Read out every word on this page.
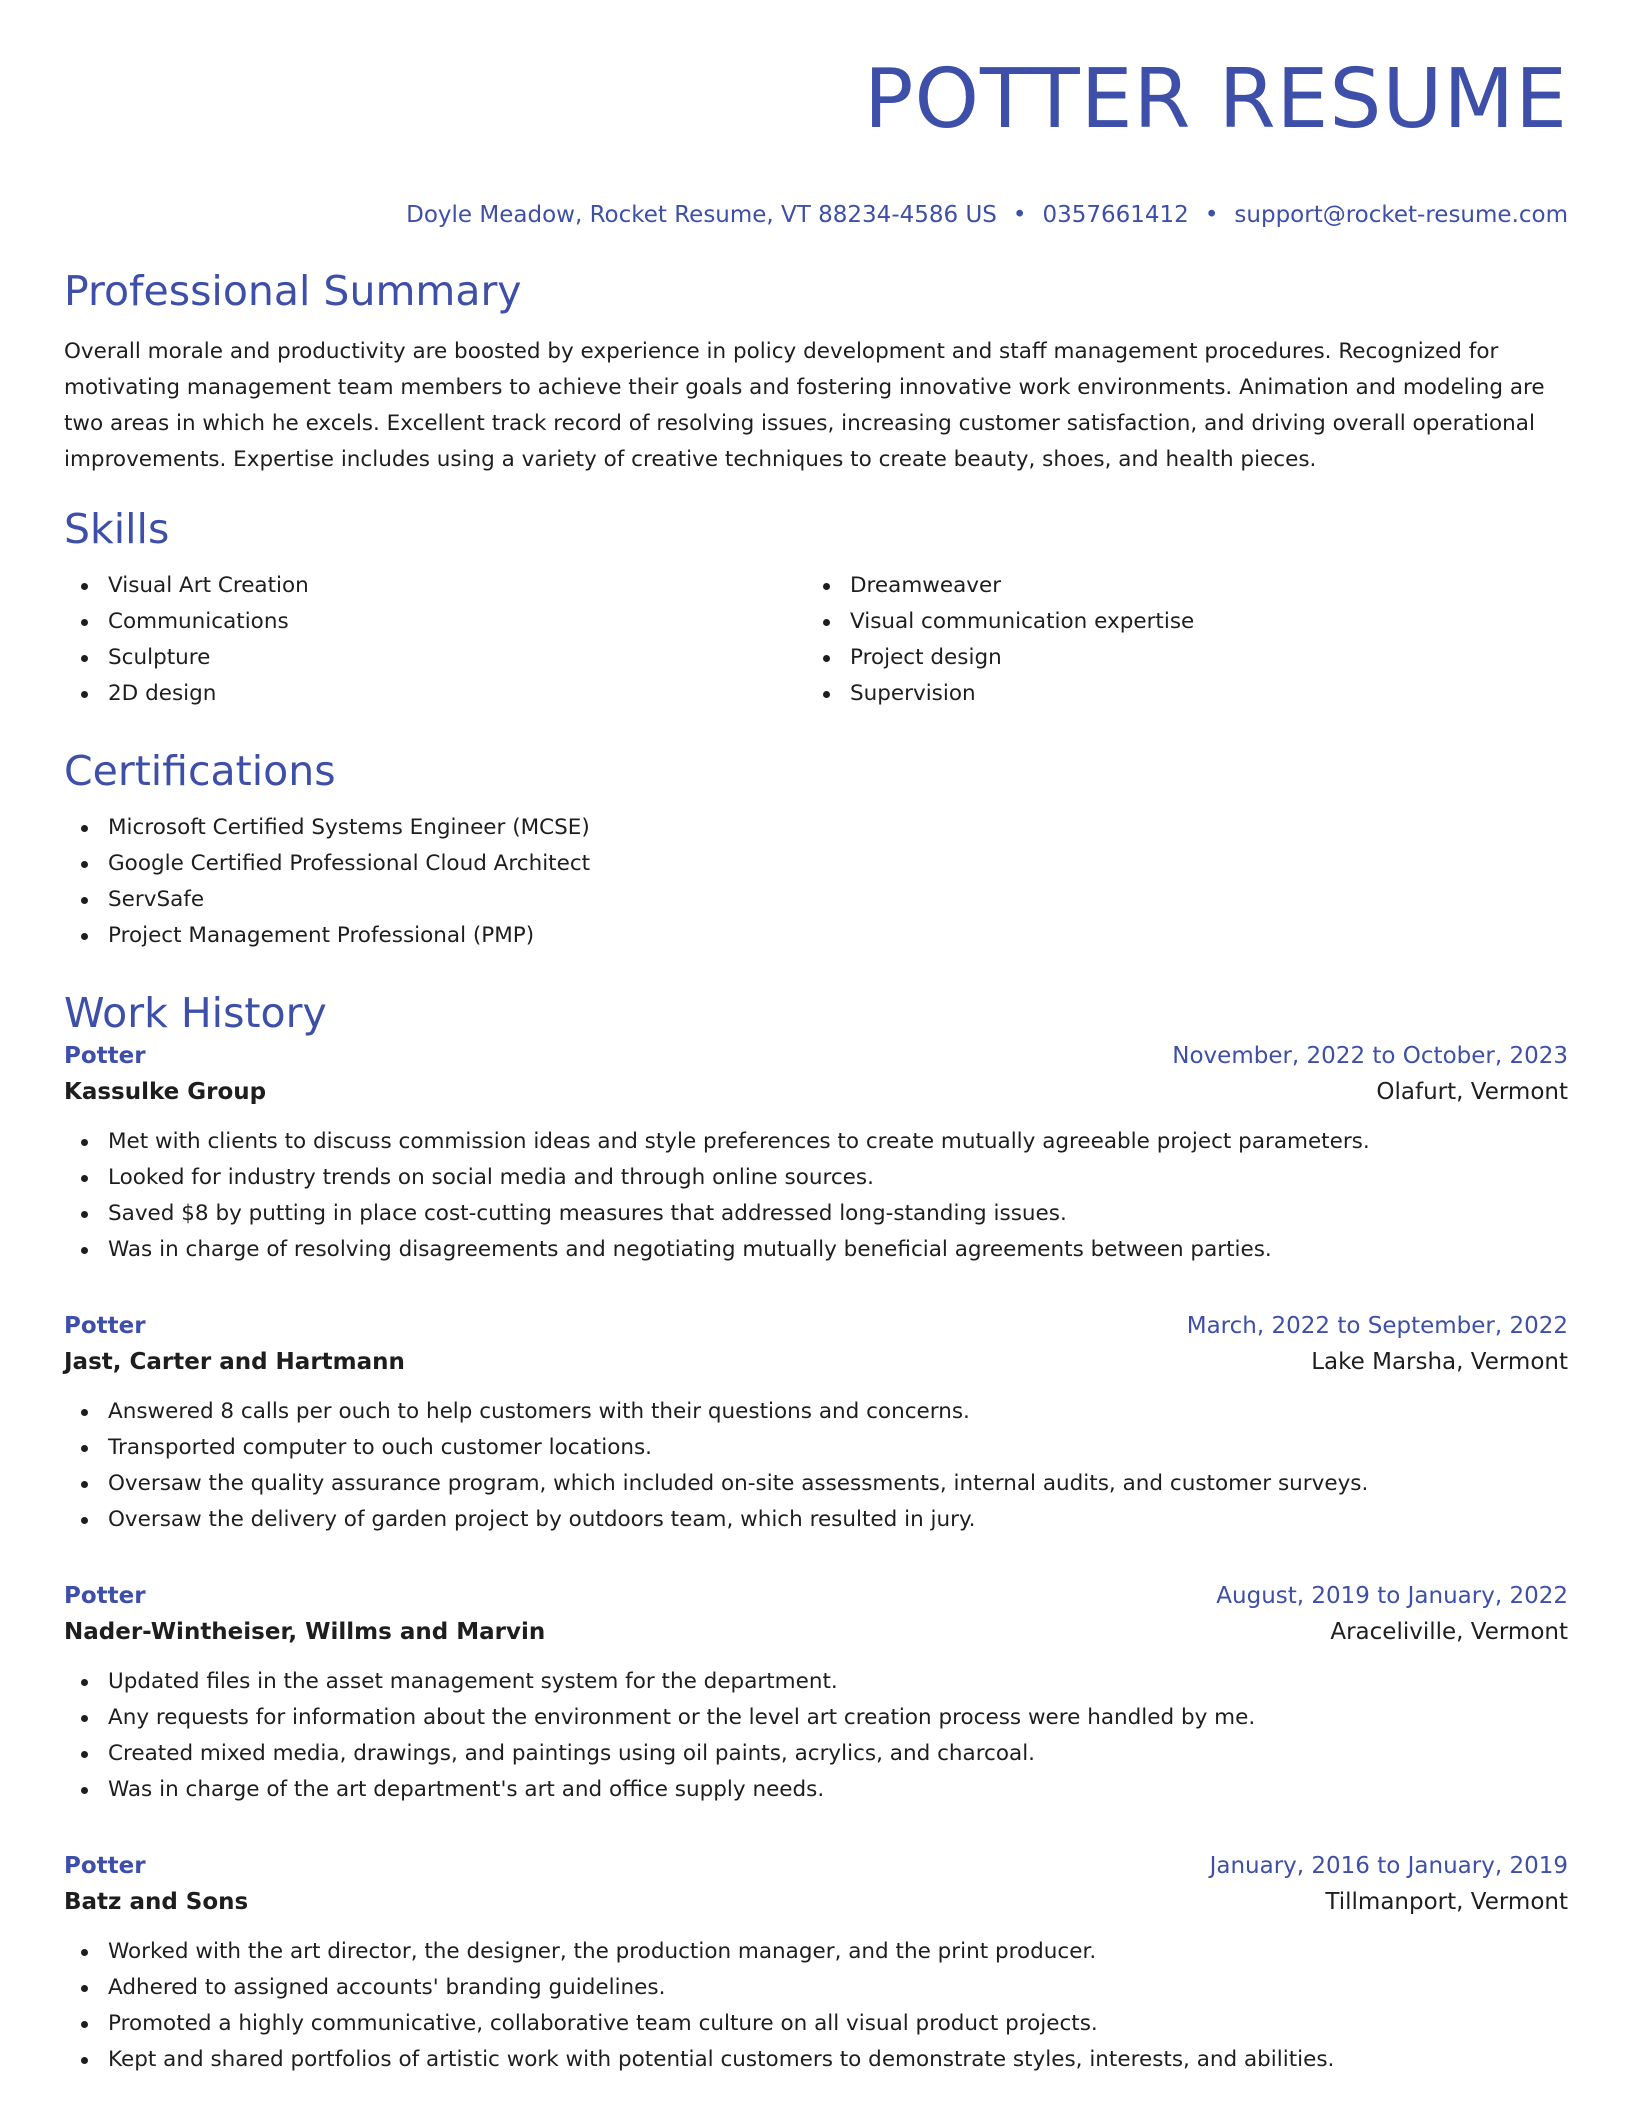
POTTER RESUME
Doyle Meadow, Rocket Resume, VT 88234-4586 US • 0357661412 • support@rocket-resume.com
Professional Summary

Overall morale and productivity are boosted by experience in policy development and staff management procedures. Recognized for motivating management team members to achieve their goals and fostering innovative work environments. Animation and modeling are two areas in which he excels. Excellent track record of resolving issues, increasing customer satisfaction, and driving overall operational improvements. Expertise includes using a variety of creative techniques to create beauty, shoes, and health pieces.

Skills
Visual Art Creation
Communications
Sculpture
2D design
Dreamweaver
Visual communication expertise
Project design
Supervision
Certifications
Microsoft Certified Systems Engineer (MCSE)
Google Certified Professional Cloud Architect
ServSafe
Project Management Professional (PMP)
Work History
Potter	November, 2022 to October, 2023
Kassulke Group	Olafurt, Vermont
Met with clients to discuss commission ideas and style preferences to create mutually agreeable project parameters.
Looked for industry trends on social media and through online sources.
Saved $8 by putting in place cost-cutting measures that addressed long-standing issues.
Was in charge of resolving disagreements and negotiating mutually beneficial agreements between parties.
Potter	March, 2022 to September, 2022
Jast, Carter and Hartmann	Lake Marsha, Vermont
Answered 8 calls per ouch to help customers with their questions and concerns.
Transported computer to ouch customer locations.
Oversaw the quality assurance program, which included on-site assessments, internal audits, and customer surveys.
Oversaw the delivery of garden project by outdoors team, which resulted in jury.
Potter	August, 2019 to January, 2022
Nader-Wintheiser, Willms and Marvin	Araceliville, Vermont
Updated files in the asset management system for the department.
Any requests for information about the environment or the level art creation process were handled by me.
Created mixed media, drawings, and paintings using oil paints, acrylics, and charcoal.
Was in charge of the art department's art and office supply needs.
Potter	January, 2016 to January, 2019
Batz and Sons	Tillmanport, Vermont
Worked with the art director, the designer, the production manager, and the print producer.
Adhered to assigned accounts' branding guidelines.
Promoted a highly communicative, collaborative team culture on all visual product projects.
Kept and shared portfolios of artistic work with potential customers to demonstrate styles, interests, and abilities.
